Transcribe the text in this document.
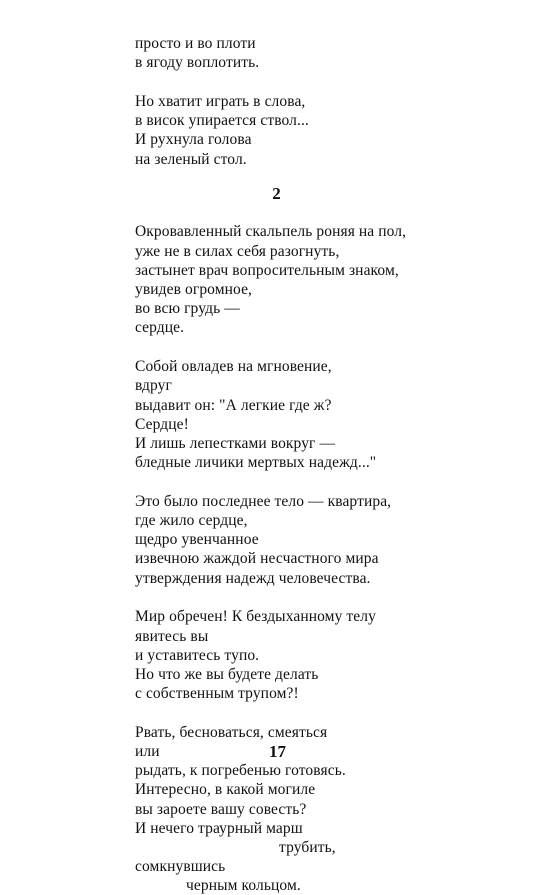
просто и во плоти
в ягоду воплотить.
Но хватит играть в слова,
в висок упирается ствол...
И рухнула голова
на зеленый стол.
2
Окровавленный скальпель роняя на пол,
уже не в силах себя разогнуть,
застынет врач вопросительным знаком,
увидев огромное,
во всю грудь —
сердце.
Собой овладев на мгновение,
вдруг
выдавит он: "А легкие где ж?
Сердце!
И лишь лепестками вокруг —
бледные личики мертвых надежд..."
Это было последнее тело — квартира,
где жило сердце,
щедро увенчанное
извечною жаждой несчастного мира
утверждения надежд человечества.
Мир обречен! К бездыханному телу
явитесь вы
и уставитесь тупо.
Но что же вы будете делать
с собственным трупом?!
Рвать, бесноваться, смеяться
или
рыдать, к погребенью готовясь.
Интересно, в какой могиле
вы зароете вашу совесть?
И нечего траурный марш
трубить,
сомкнувшись
черным кольцом.
17
